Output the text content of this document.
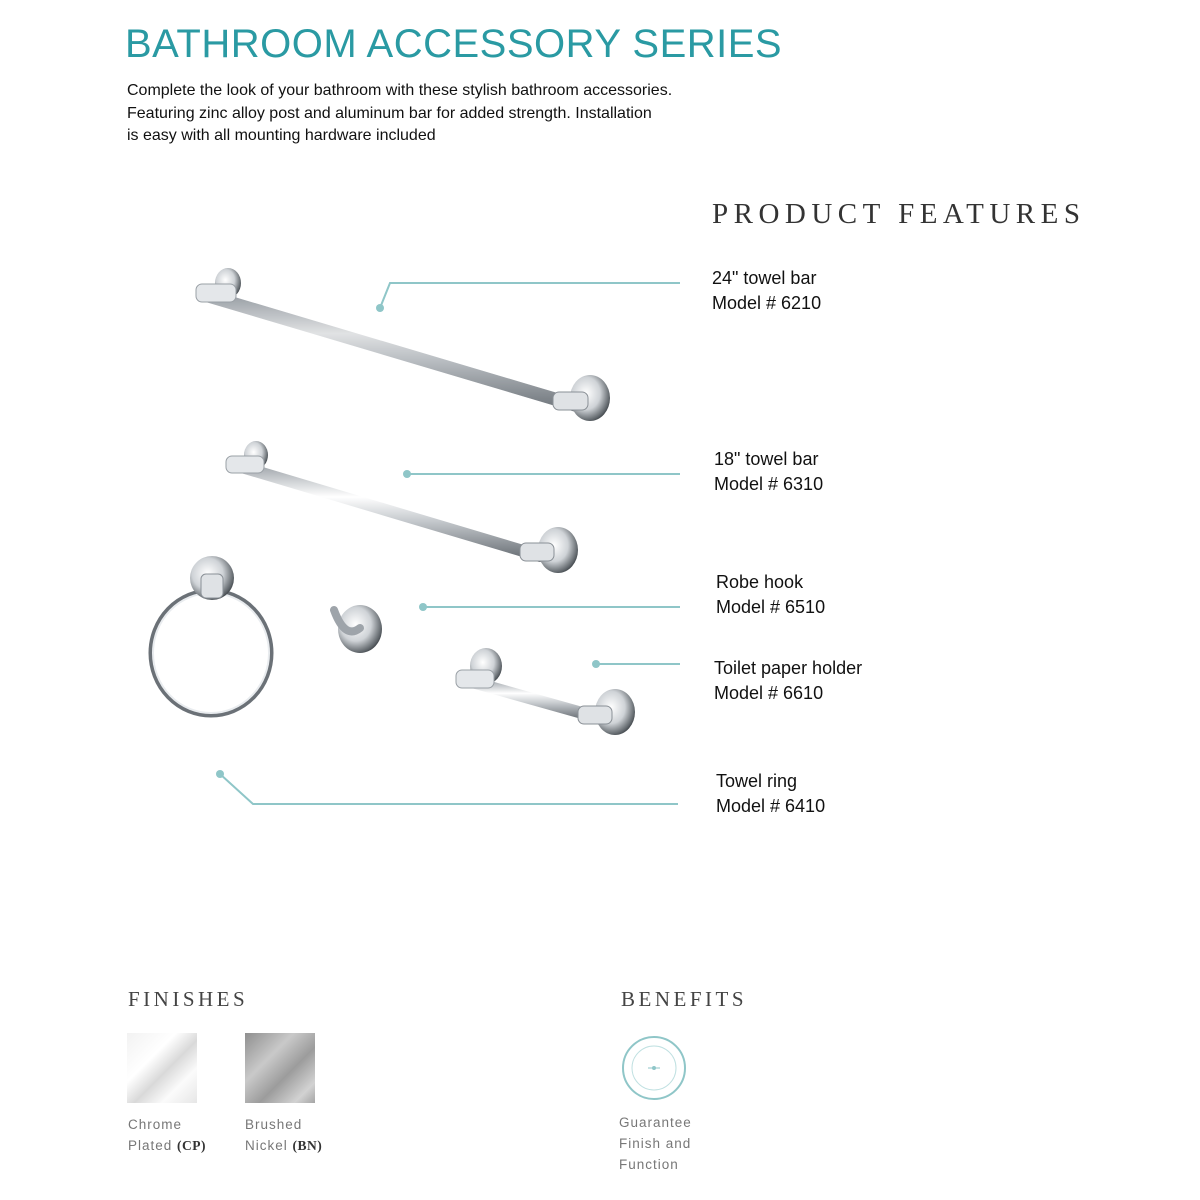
BATHROOM ACCESSORY SERIES
Complete the look of your bathroom with these stylish bathroom accessories.
Featuring zinc alloy post and aluminum bar for added strength. Installation
is easy with all mounting hardware included
PRODUCT FEATURES
24" towel bar
Model # 6210
18" towel bar
Model # 6310
Robe hook
Model # 6510
Toilet paper holder
Model # 6610
Towel ring
Model # 6410
FINISHES
Chrome
Plated (CP)
Brushed
Nickel (BN)
BENEFITS
Guarantee
Finish and
Function
